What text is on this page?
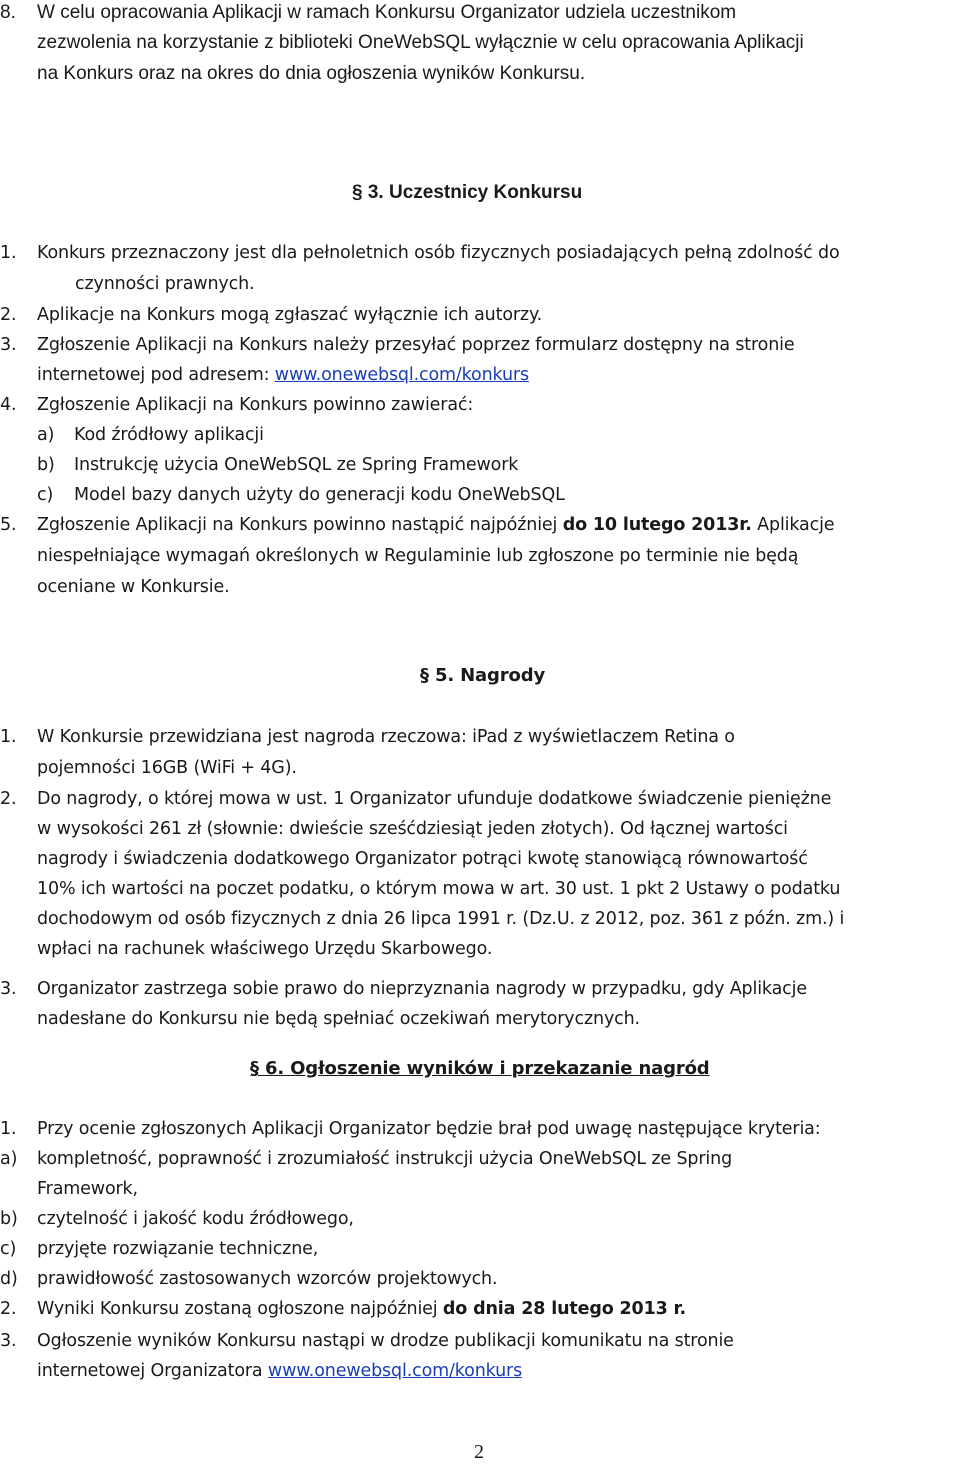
8. W celu opracowania Aplikacji w ramach Konkursu Organizator udziela uczestnikom
zezwolenia na korzystanie z biblioteki OneWebSQL wyłącznie w celu opracowania Aplikacji
na Konkurs oraz na okres do dnia ogłoszenia wyników Konkursu.
§ 3. Uczestnicy Konkursu
1. Konkurs przeznaczony jest dla pełnoletnich osób fizycznych posiadających pełną zdolność do
czynności prawnych.
2. Aplikacje na Konkurs mogą zgłaszać wyłącznie ich autorzy.
3. Zgłoszenie Aplikacji na Konkurs należy przesyłać poprzez formularz dostępny na stronie
internetowej pod adresem: www.onewebsql.com/konkurs
4. Zgłoszenie Aplikacji na Konkurs powinno zawierać:
a) Kod źródłowy aplikacji
b) Instrukcję użycia OneWebSQL ze Spring Framework
c) Model bazy danych użyty do generacji kodu OneWebSQL
5. Zgłoszenie Aplikacji na Konkurs powinno nastąpić najpóźniej do 10 lutego 2013r. Aplikacje
niespełniające wymagań określonych w Regulaminie lub zgłoszone po terminie nie będą
oceniane w Konkursie.
§ 5. Nagrody
1. W Konkursie przewidziana jest nagroda rzeczowa: iPad z wyświetlaczem Retina o
pojemności 16GB (WiFi + 4G).
2. Do nagrody, o której mowa w ust. 1 Organizator ufunduje dodatkowe świadczenie pieniężne
w wysokości 261 zł (słownie: dwieście sześćdziesiąt jeden złotych). Od łącznej wartości
nagrody i świadczenia dodatkowego Organizator potrąci kwotę stanowiącą równowartość
10% ich wartości na poczet podatku, o którym mowa w art. 30 ust. 1 pkt 2 Ustawy o podatku
dochodowym od osób fizycznych z dnia 26 lipca 1991 r. (Dz.U. z 2012, poz. 361 z późn. zm.) i
wpłaci na rachunek właściwego Urzędu Skarbowego.
3. Organizator zastrzega sobie prawo do nieprzyznania nagrody w przypadku, gdy Aplikacje
nadesłane do Konkursu nie będą spełniać oczekiwań merytorycznych.
§ 6. Ogłoszenie wyników i przekazanie nagród
1. Przy ocenie zgłoszonych Aplikacji Organizator będzie brał pod uwagę następujące kryteria:
a) kompletność, poprawność i zrozumiałość instrukcji użycia OneWebSQL ze Spring
Framework,
b) czytelność i jakość kodu źródłowego,
c) przyjęte rozwiązanie techniczne,
d) prawidłowość zastosowanych wzorców projektowych.
2. Wyniki Konkursu zostaną ogłoszone najpóźniej do dnia 28 lutego 2013 r.
3. Ogłoszenie wyników Konkursu nastąpi w drodze publikacji komunikatu na stronie
internetowej Organizatora www.onewebsql.com/konkurs
2
